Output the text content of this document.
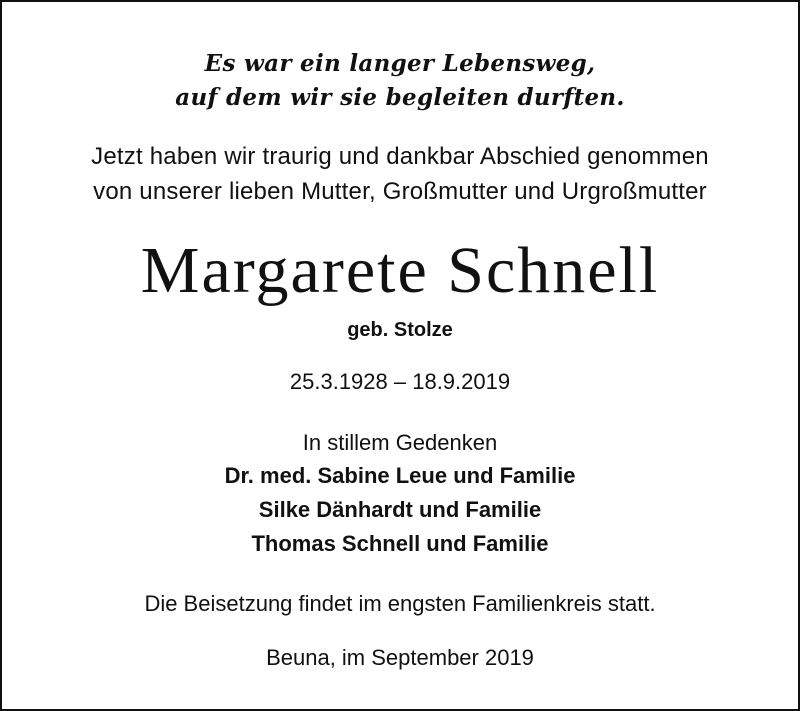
Es war ein langer Lebensweg,
auf dem wir sie begleiten durften.
Jetzt haben wir traurig und dankbar Abschied genommen
von unserer lieben Mutter, Großmutter und Urgroßmutter
Margarete Schnell
geb. Stolze
25.3.1928 – 18.9.2019
In stillem Gedenken
Dr. med. Sabine Leue und Familie
Silke Dänhardt und Familie
Thomas Schnell und Familie
Die Beisetzung findet im engsten Familienkreis statt.
Beuna, im September 2019
